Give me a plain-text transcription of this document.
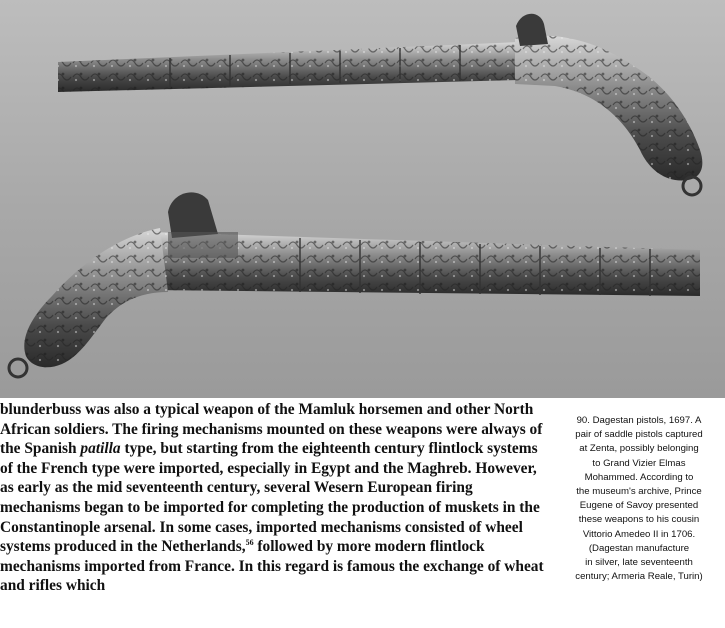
blunderbuss was also a typical weapon of the Mamluk horsemen and other North African soldiers. The firing mechanisms mounted on these weapons were always of the Spanish patilla type, but starting from the eighteenth century flintlock systems of the French type were imported, especially in Egypt and the Maghreb. However, as early as the mid seventeenth century, several Wesern European firing mechanisms began to be imported for completing the production of muskets in the Constantinople arsenal. In some cases, imported mechanisms consisted of wheel systems produced in the Netherlands,$^{56}$ followed by more modern flintlock mechanisms imported from France. In this regard is famous the exchange of wheat and rifles which

90. Dagestan pistols, 1697. A

pair of saddle pistols captured

at Zenta, possibly belonging

to Grand Vizier Elmas

Mohammed. According to

the museum's archive, Prince

Eugene of Savoy presented

these weapons to his cousin

Vittorio Amedeo II in 1706.

(Dagestan manufacture

in silver, late seventeenth

century; Armeria Reale, Turin)
